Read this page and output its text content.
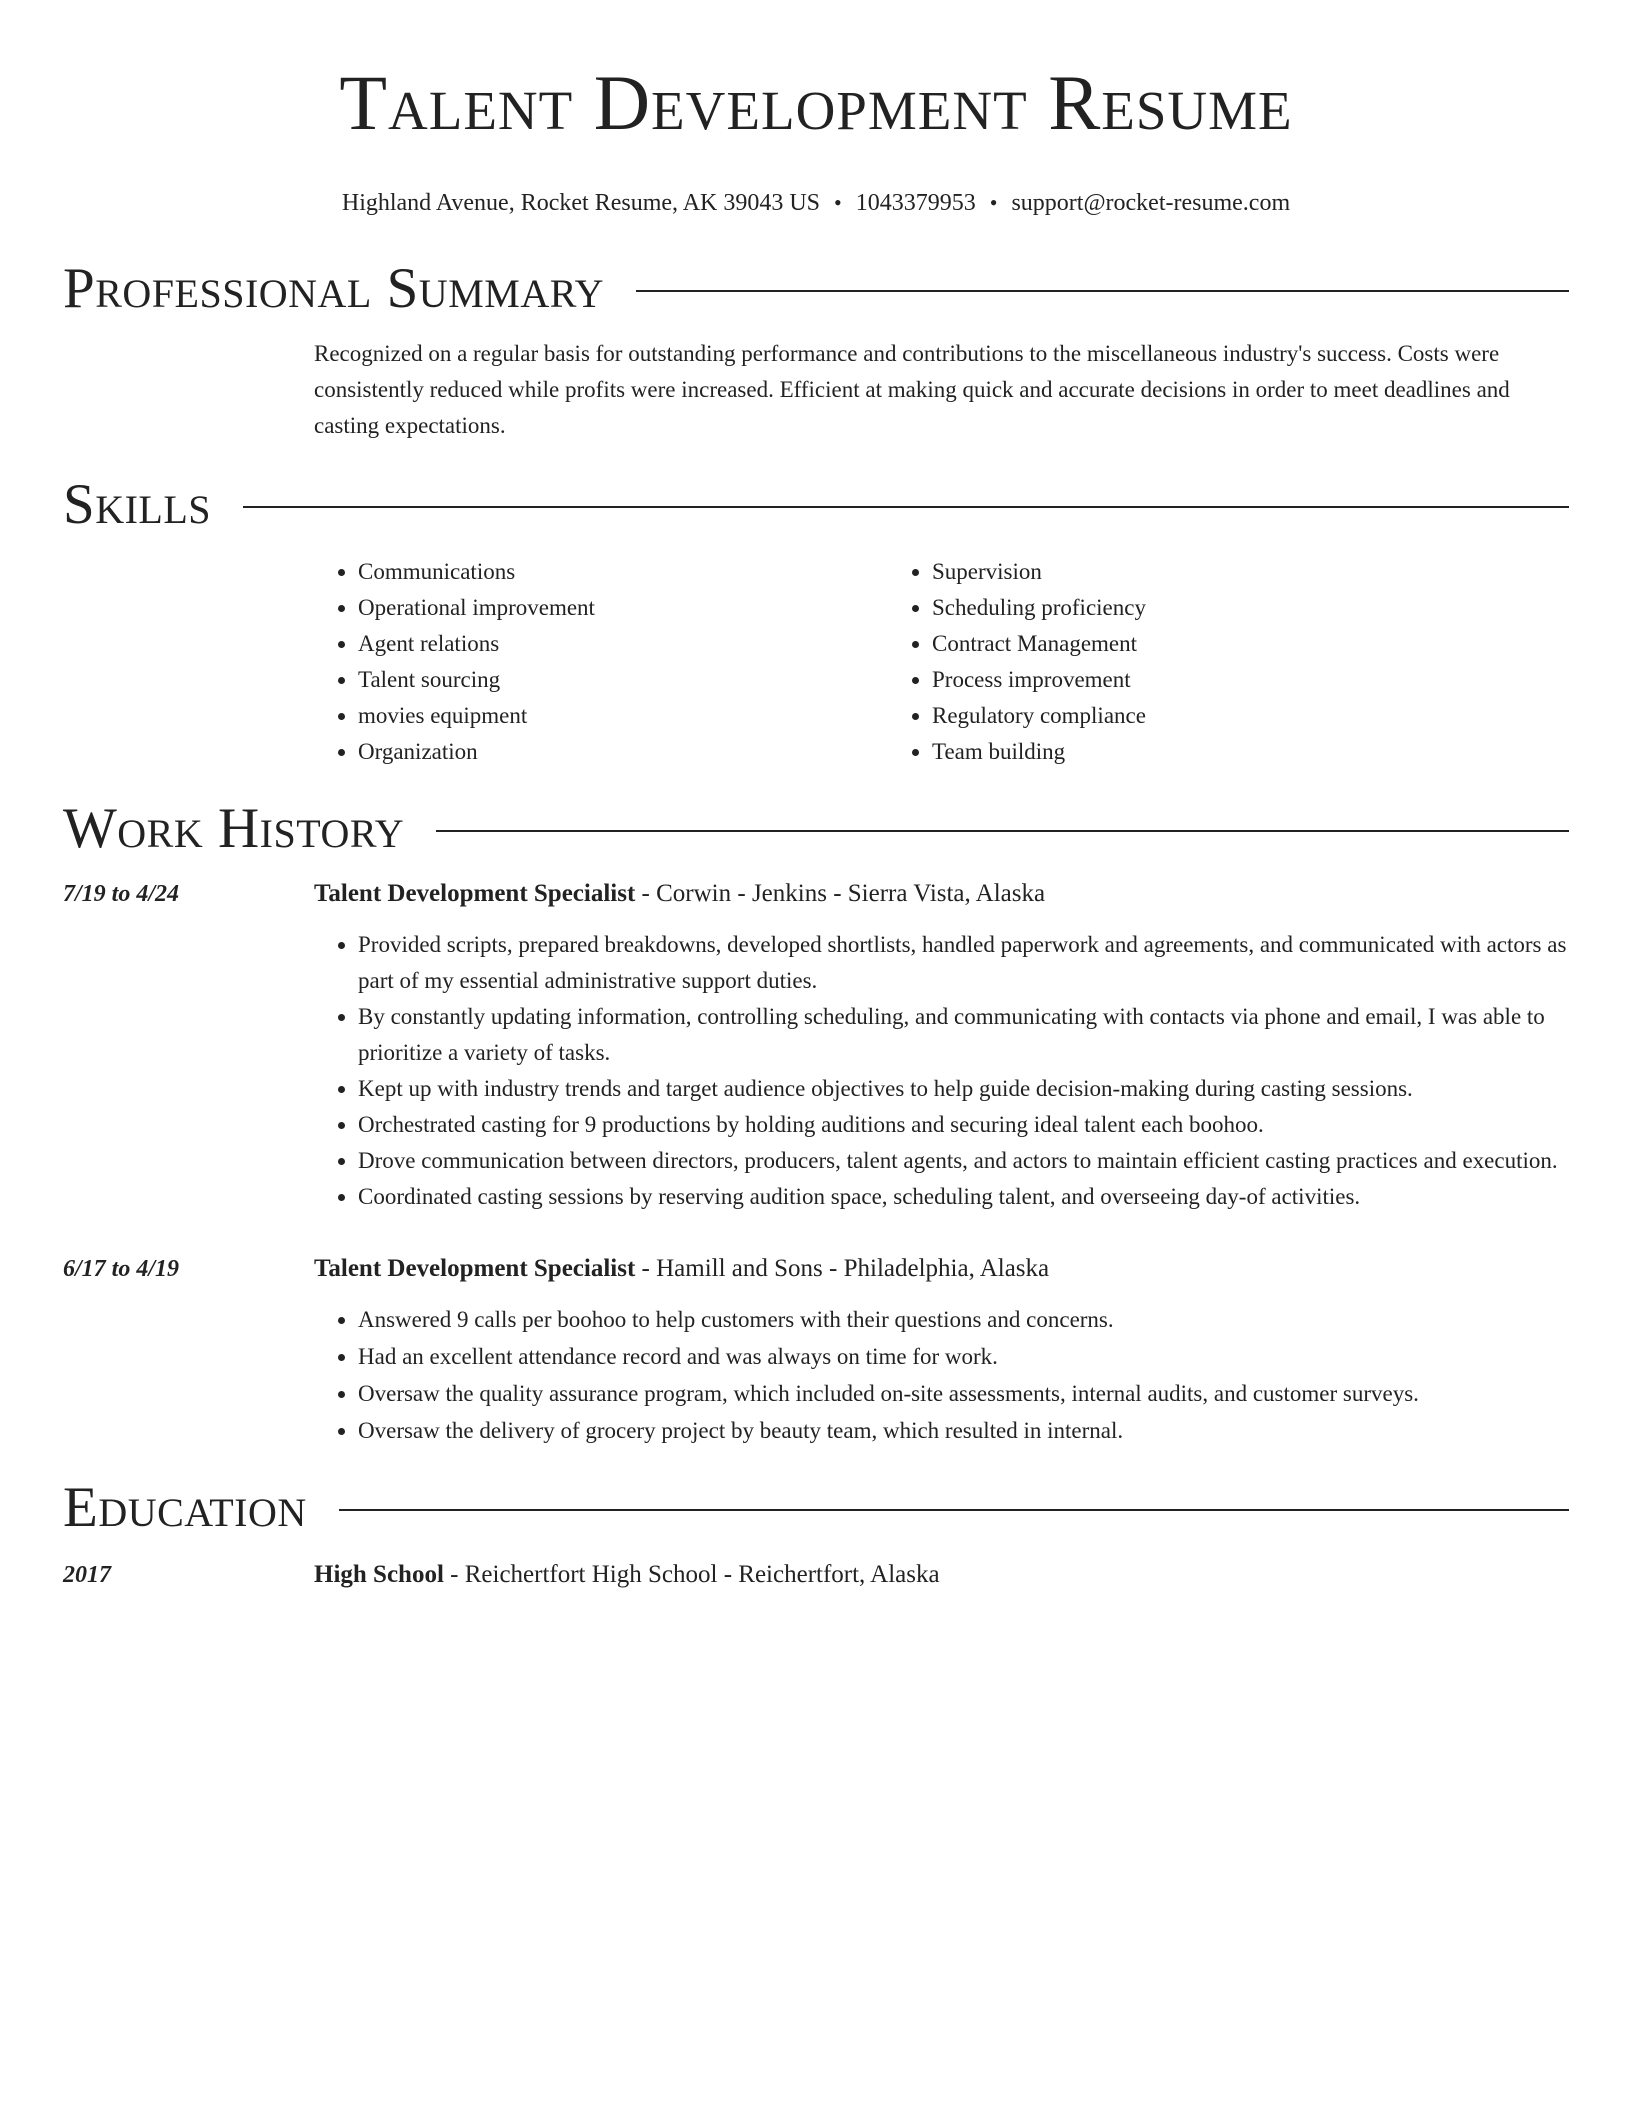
Talent Development Resume
Highland Avenue, Rocket Resume, AK 39043 US • 1043379953 • support@rocket-resume.com
Professional Summary
Recognized on a regular basis for outstanding performance and contributions to the miscellaneous industry's success. Costs were consistently reduced while profits were increased. Efficient at making quick and accurate decisions in order to meet deadlines and casting expectations.
Skills
• Communications
• Operational improvement
• Agent relations
• Talent sourcing
• movies equipment
• Organization
• Supervision
• Scheduling proficiency
• Contract Management
• Process improvement
• Regulatory compliance
• Team building
Work History
7/19 to 4/24	Talent Development Specialist - Corwin - Jenkins - Sierra Vista, Alaska
• Provided scripts, prepared breakdowns, developed shortlists, handled paperwork and agreements, and communicated with actors as part of my essential administrative support duties.
• By constantly updating information, controlling scheduling, and communicating with contacts via phone and email, I was able to prioritize a variety of tasks.
• Kept up with industry trends and target audience objectives to help guide decision-making during casting sessions.
• Orchestrated casting for 9 productions by holding auditions and securing ideal talent each boohoo.
• Drove communication between directors, producers, talent agents, and actors to maintain efficient casting practices and execution.
• Coordinated casting sessions by reserving audition space, scheduling talent, and overseeing day-of activities.
6/17 to 4/19	Talent Development Specialist - Hamill and Sons - Philadelphia, Alaska
• Answered 9 calls per boohoo to help customers with their questions and concerns.
• Had an excellent attendance record and was always on time for work.
• Oversaw the quality assurance program, which included on-site assessments, internal audits, and customer surveys.
• Oversaw the delivery of grocery project by beauty team, which resulted in internal.
Education
2017	High School - Reichertfort High School - Reichertfort, Alaska
